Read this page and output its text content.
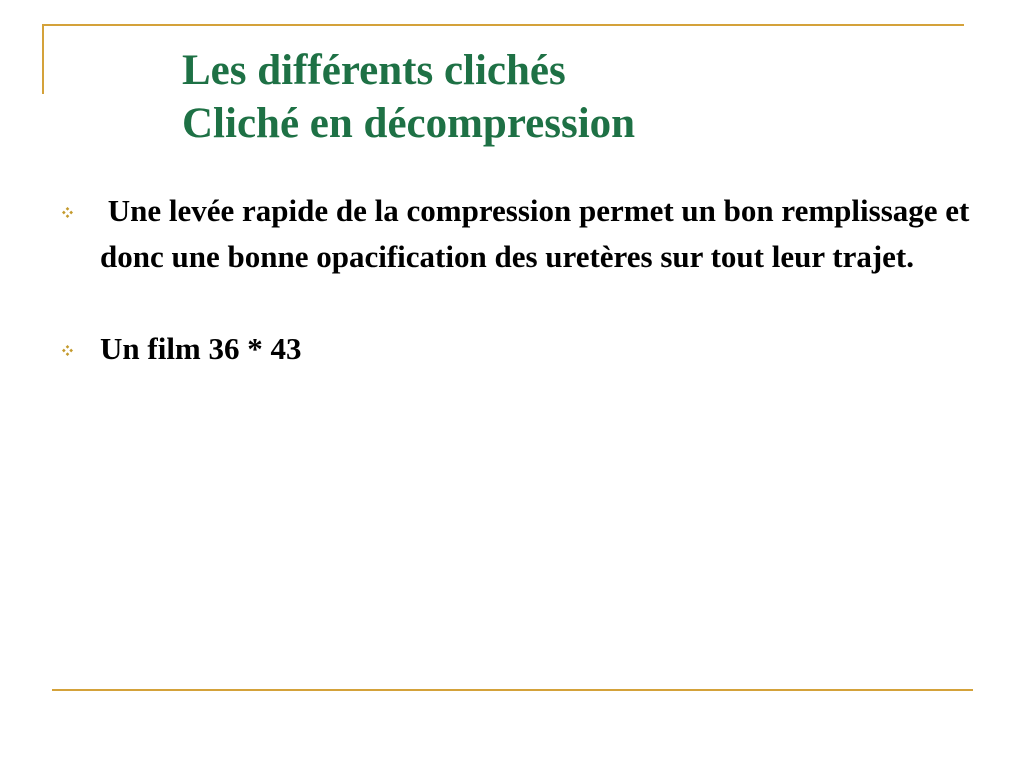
Les différents clichés
Cliché en décompression
Une levée rapide de la compression permet un bon remplissage et donc une bonne opacification des uretères sur tout leur trajet.
Un film 36 * 43
